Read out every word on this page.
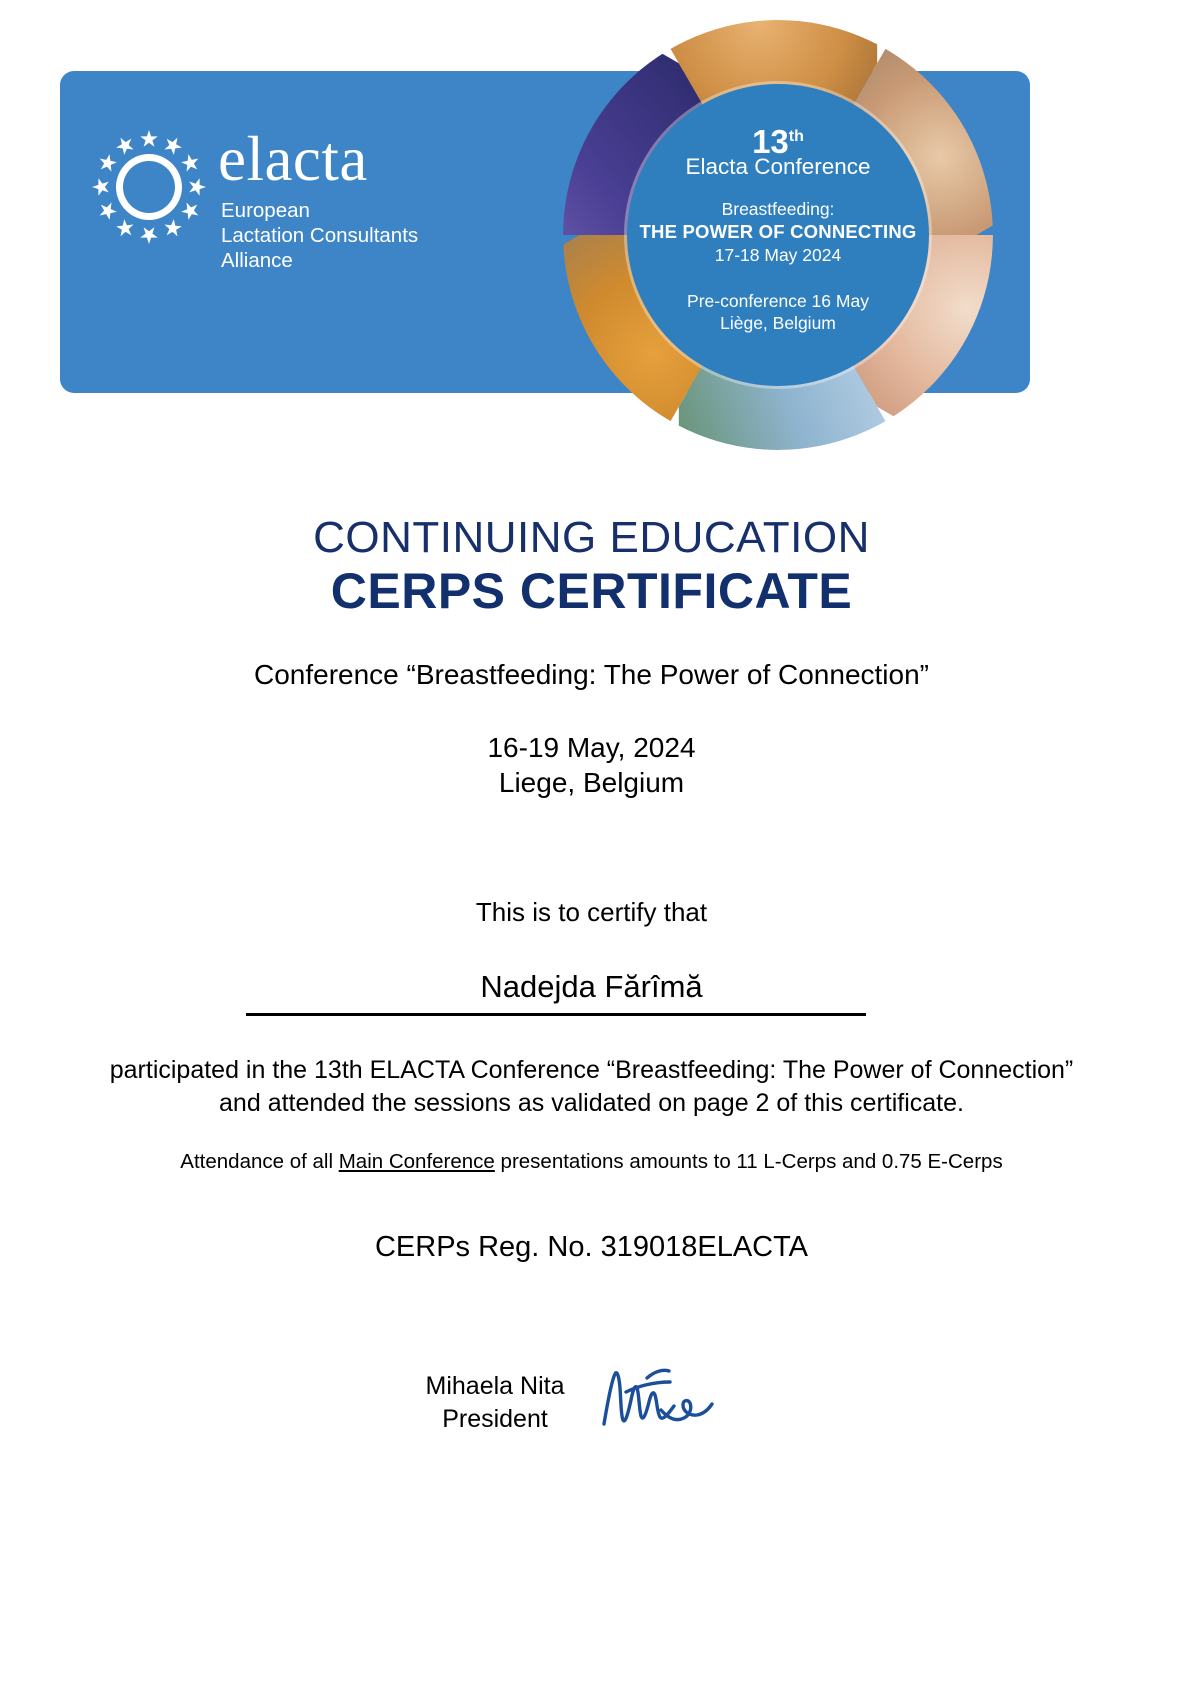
elacta
European
Lactation Consultants
Alliance
13th
Elacta Conference
Breastfeeding:
THE POWER OF CONNECTING
17-18 May 2024
Pre-conference 16 May
Liège, Belgium
CONTINUING EDUCATION
CERPS CERTIFICATE
Conference “Breastfeeding: The Power of Connection”
16-19 May, 2024
Liege, Belgium
This is to certify that
Nadejda Fărîmă
participated in the 13th ELACTA Conference “Breastfeeding: The Power of Connection”
and attended the sessions as validated on page 2 of this certificate.
Attendance of all Main Conference presentations amounts to 11 L-Cerps and 0.75 E-Cerps
CERPs Reg. No. 319018ELACTA
Mihaela Nita
President
